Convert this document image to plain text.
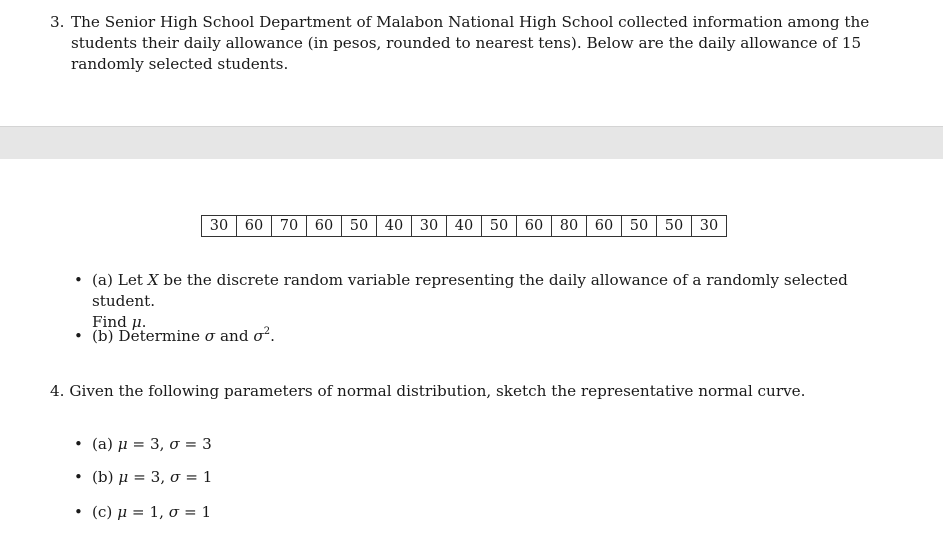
3. The Senior High School Department of Malabon National High School collected information among the students their daily allowance (in pesos, rounded to nearest tens). Below are the daily allowance of 15 randomly selected students.
30	60	70	60	50	40	30	40	50	60	80	60	50	50	30
• (a) Let X be the discrete random variable representing the daily allowance of a randomly selected student.
Find μ.
• (b) Determine σ and $\sigma^2$.
4. Given the following parameters of normal distribution, sketch the representative normal curve.
• (a) μ = 3, σ = 3
• (b) μ = 3, σ = 1
• (c) μ = 1, σ = 1
